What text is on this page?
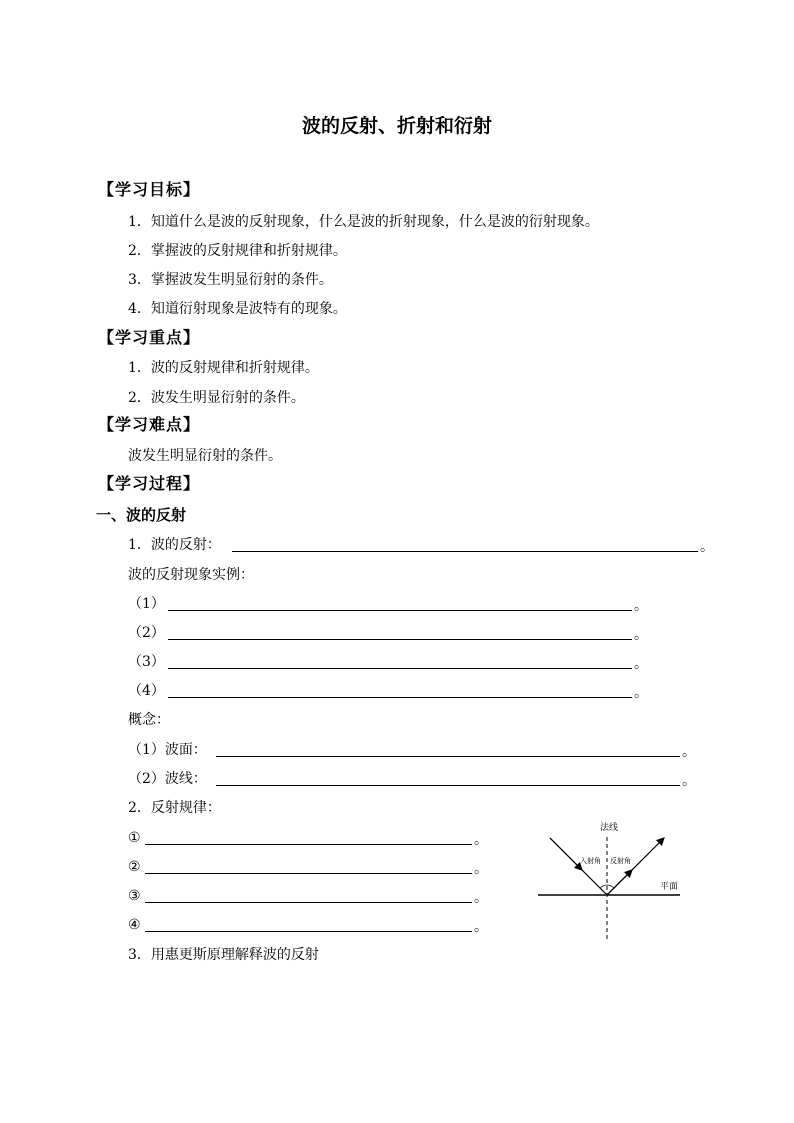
波的反射、折射和衍射
【学习目标】
1．知道什么是波的反射现象，什么是波的折射现象，什么是波的衍射现象。
2．掌握波的反射规律和折射规律。
3．掌握波发生明显衍射的条件。
4．知道衍射现象是波特有的现象。
【学习重点】
1．波的反射规律和折射规律。
2．波发生明显衍射的条件。
【学习难点】
波发生明显衍射的条件。
【学习过程】
一、波的反射
1．波的反射：	。
波的反射现象实例：
（1）	。
（2）	。
（3）	。
（4）	。
概念：
（1）波面：	。
（2）波线：	。
2．反射规律：
①	。
②	。
③	。
④	。
3．用惠更斯原理解释波的反射
法线
入射角 反射角
平面
